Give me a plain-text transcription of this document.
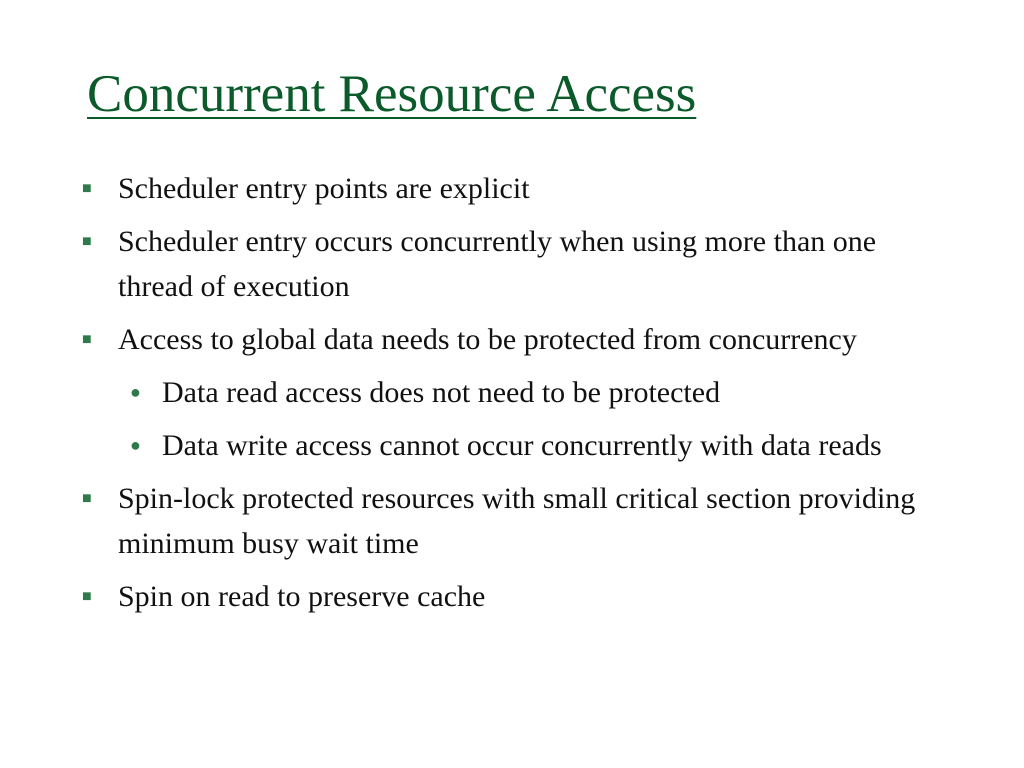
Concurrent Resource Access
■ Scheduler entry points are explicit
■ Scheduler entry occurs concurrently when using more than one thread of execution
■ Access to global data needs to be protected from concurrency
● Data read access does not need to be protected
● Data write access cannot occur concurrently with data reads
■ Spin-lock protected resources with small critical section providing minimum busy wait time
■ Spin on read to preserve cache
